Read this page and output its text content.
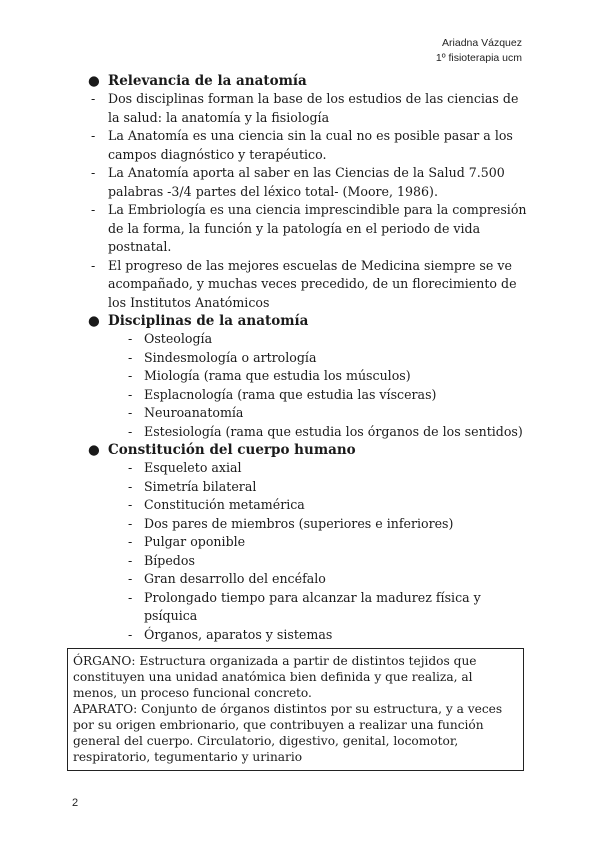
Ariadna Vázquez
1º fisioterapia ucm
● Relevancia de la anatomía
- Dos disciplinas forman la base de los estudios de las ciencias de la salud: la anatomía y la fisiología
- La Anatomía es una ciencia sin la cual no es posible pasar a los campos diagnóstico y terapéutico.
- La Anatomía aporta al saber en las Ciencias de la Salud 7.500 palabras -3/4 partes del léxico total- (Moore, 1986).
- La Embriología es una ciencia imprescindible para la compresión de la forma, la función y la patología en el periodo de vida postnatal.
- El progreso de las mejores escuelas de Medicina siempre se ve acompañado, y muchas veces precedido, de un florecimiento de los Institutos Anatómicos
● Disciplinas de la anatomía
- Osteología
- Sindesmología o artrología
- Miología (rama que estudia los músculos)
- Esplacnología (rama que estudia las vísceras)
- Neuroanatomía
- Estesiología (rama que estudia los órganos de los sentidos)
● Constitución del cuerpo humano
- Esqueleto axial
- Simetría bilateral
- Constitución metamérica
- Dos pares de miembros (superiores e inferiores)
- Pulgar oponible
- Bípedos
- Gran desarrollo del encéfalo
- Prolongado tiempo para alcanzar la madurez física y psíquica
- Órganos, aparatos y sistemas

ÓRGANO: Estructura organizada a partir de distintos tejidos que constituyen una unidad anatómica bien definida y que realiza, al menos, un proceso funcional concreto.

APARATO: Conjunto de órganos distintos por su estructura, y a veces por su origen embrionario, que contribuyen a realizar una función general del cuerpo. Circulatorio, digestivo, genital, locomotor, respiratorio, tegumentario y urinario

2
